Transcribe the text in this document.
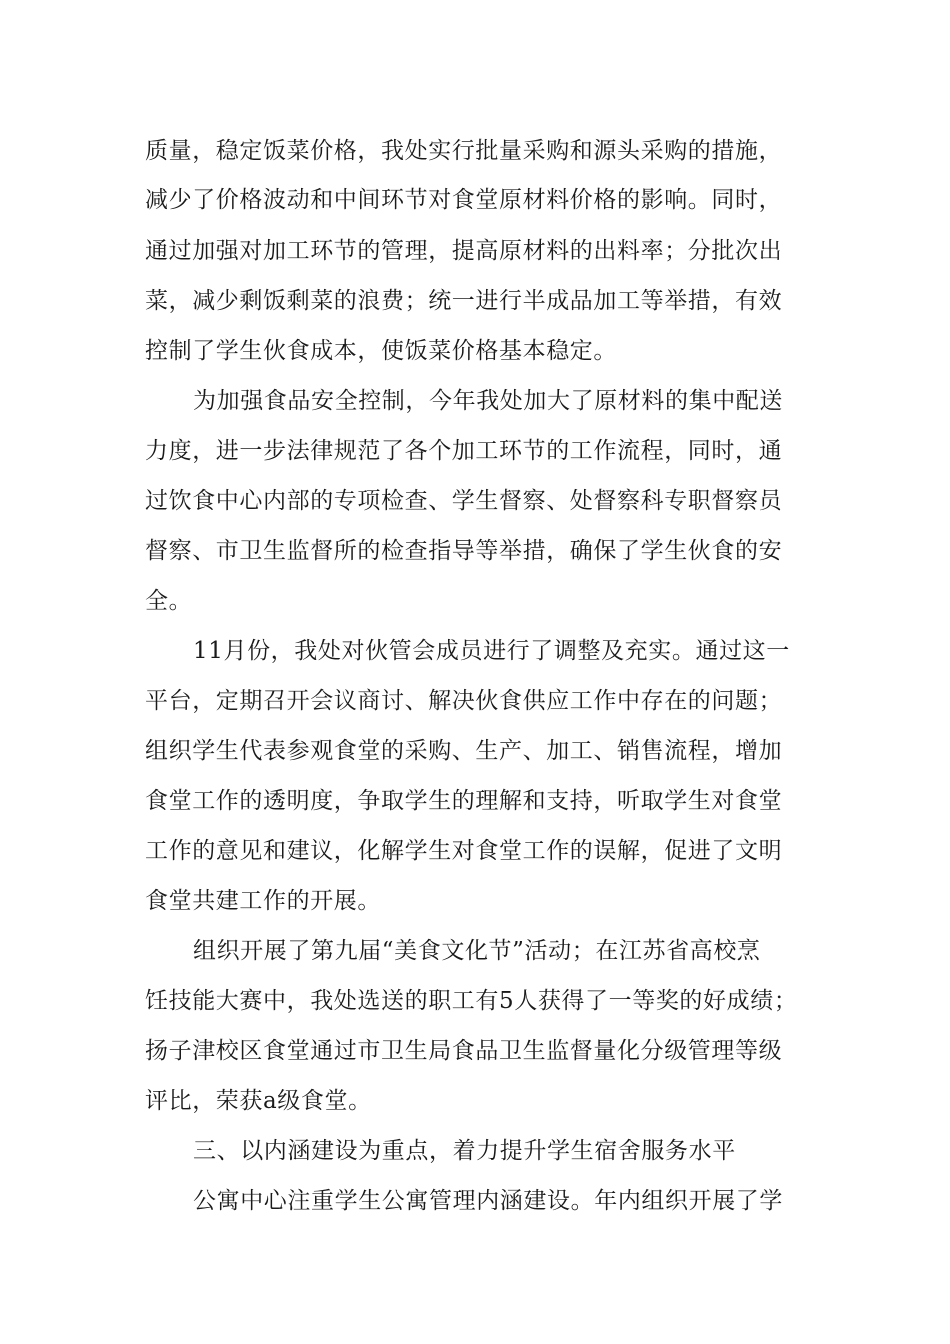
质量，稳定饭菜价格，我处实行批量采购和源头采购的措施，
减少了价格波动和中间环节对食堂原材料价格的影响。同时，
通过加强对加工环节的管理，提高原材料的出料率；分批次出
菜，减少剩饭剩菜的浪费；统一进行半成品加工等举措，有效
控制了学生伙食成本，使饭菜价格基本稳定。
为加强食品安全控制，今年我处加大了原材料的集中配送
力度，进一步法律规范了各个加工环节的工作流程，同时，通
过饮食中心内部的专项检查、学生督察、处督察科专职督察员
督察、市卫生监督所的检查指导等举措，确保了学生伙食的安
全。
11月份，我处对伙管会成员进行了调整及充实。通过这一
平台，定期召开会议商讨、解决伙食供应工作中存在的问题；
组织学生代表参观食堂的采购、生产、加工、销售流程，增加
食堂工作的透明度，争取学生的理解和支持，听取学生对食堂
工作的意见和建议，化解学生对食堂工作的误解，促进了文明
食堂共建工作的开展。
组织开展了第九届“美食文化节”活动；在江苏省高校烹
饪技能大赛中，我处选送的职工有5人获得了一等奖的好成绩；
扬子津校区食堂通过市卫生局食品卫生监督量化分级管理等级
评比，荣获a级食堂。
三、以内涵建设为重点，着力提升学生宿舍服务水平
公寓中心注重学生公寓管理内涵建设。年内组织开展了学
